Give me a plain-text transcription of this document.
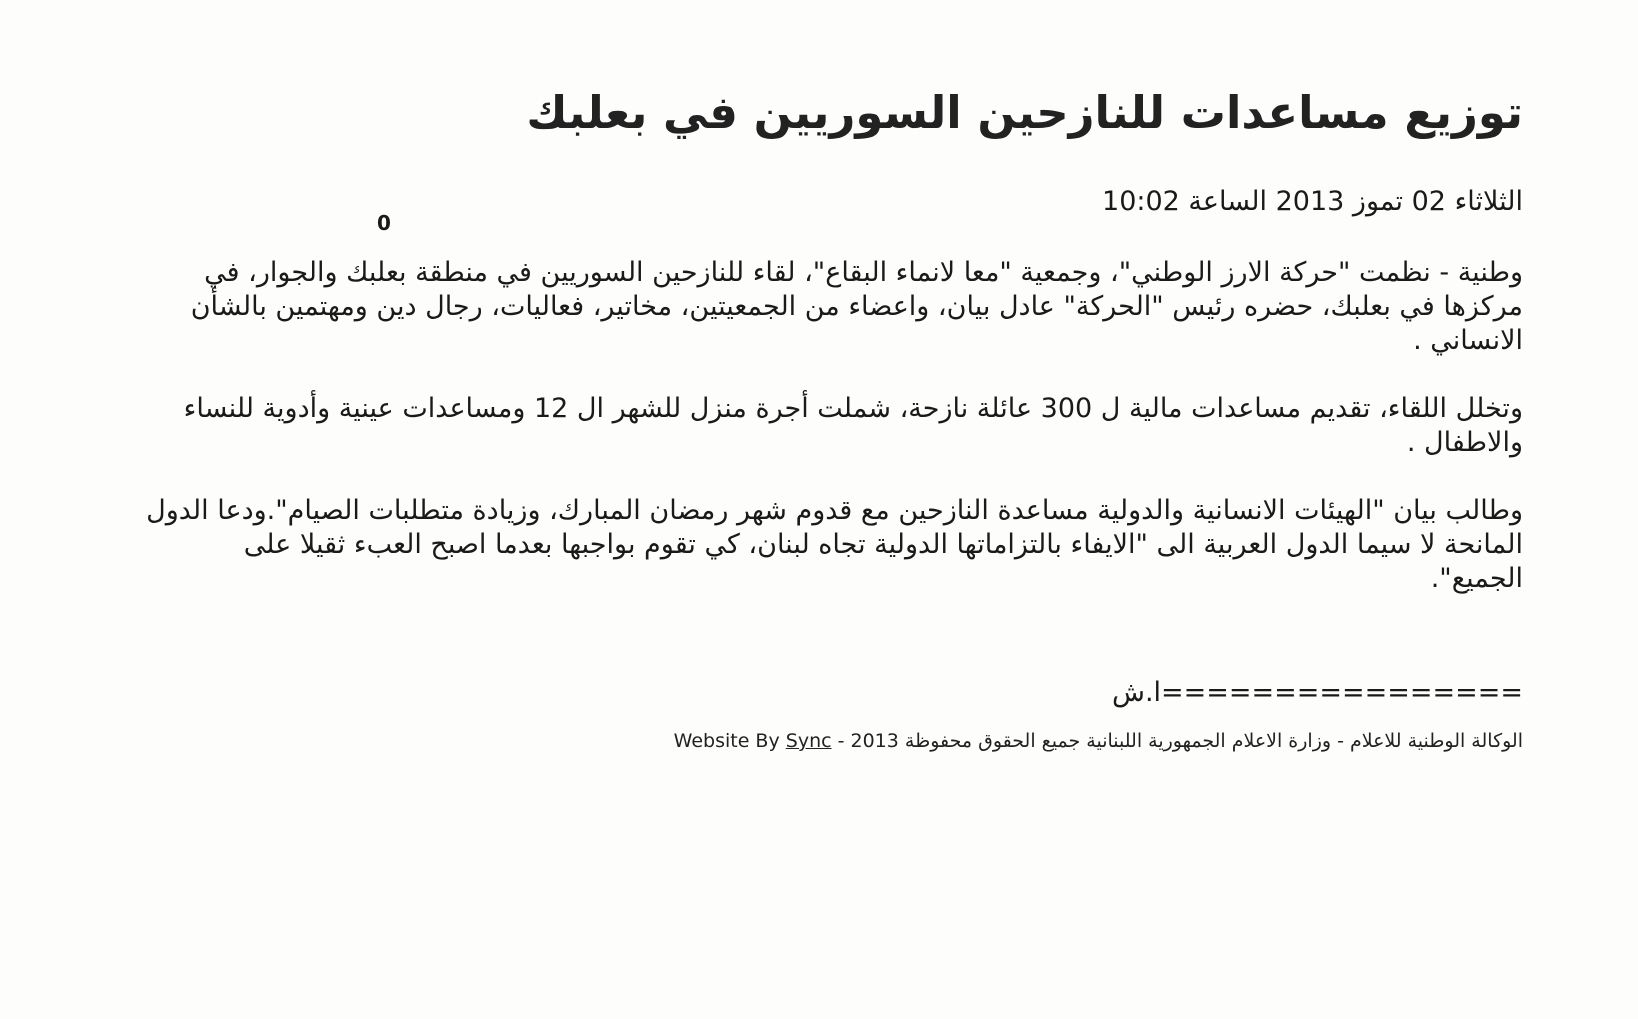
توزيع مساعدات للنازحين السوريين في بعلبك
الثلاثاء 02 تموز 2013 الساعة 10:02

وطنية - نظمت "حركة الارز الوطني"، وجمعية "معا لانماء البقاع"، لقاء للنازحين السوريين في منطقة بعلبك والجوار، في مركزها في بعلبك، حضره رئيس "الحركة" عادل بيان، واعضاء من الجمعيتين، مخاتير، فعاليات، رجال دين ومهتمين بالشأن الانساني .

وتخلل اللقاء، تقديم مساعدات مالية ل 300 عائلة نازحة، شملت أجرة منزل للشهر ال 12 ومساعدات عينية وأدوية للنساء والاطفال .

وطالب بيان "الهيئات الانسانية والدولية مساعدة النازحين مع قدوم شهر رمضان المبارك، وزيادة متطلبات الصيام".ودعا الدول المانحة لا سيما الدول العربية الى "الايفاء بالتزاماتها الدولية تجاه لبنان، كي تقوم بواجبها بعدما اصبح العبء ثقيلا على الجميع".

================ا.ش
الوكالة الوطنية للاعلام - وزارة الاعلام الجمهورية اللبنانية جميع الحقوق محفوظة 2013 - Website By Sync
0
